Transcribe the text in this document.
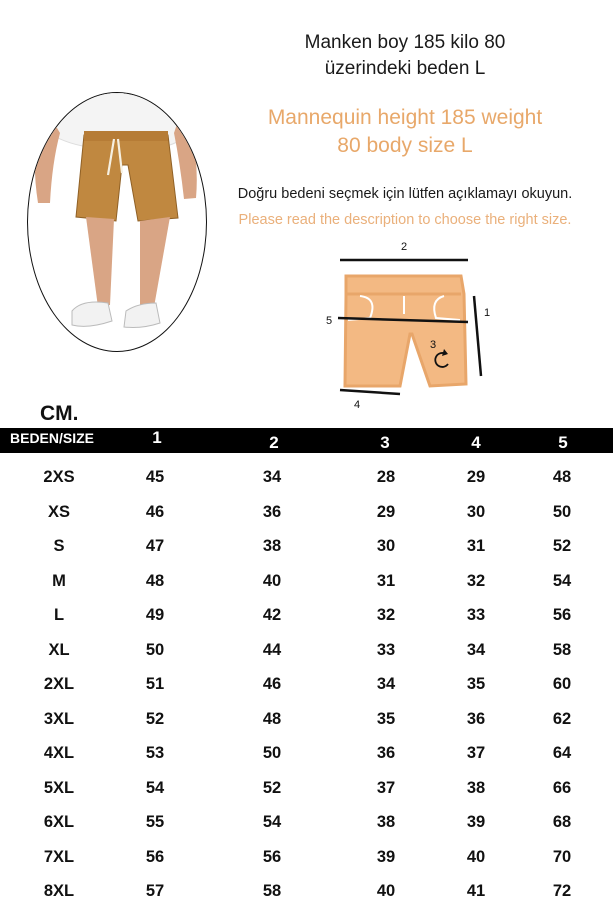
Manken boy 185 kilo 80
üzerindeki beden L
Mannequin height 185 weight
80 body size L
Doğru bedeni seçmek için lütfen açıklamayı okuyun.
Please read the description to choose the right size.
2
1
5
4
3
CM.
BEDEN/SIZE	1	2	3	4	5
2XS	45	34	28	29	48
XS	46	36	29	30	50
S	47	38	30	31	52
M	48	40	31	32	54
L	49	42	32	33	56
XL	50	44	33	34	58
2XL	51	46	34	35	60
3XL	52	48	35	36	62
4XL	53	50	36	37	64
5XL	54	52	37	38	66
6XL	55	54	38	39	68
7XL	56	56	39	40	70
8XL	57	58	40	41	72
